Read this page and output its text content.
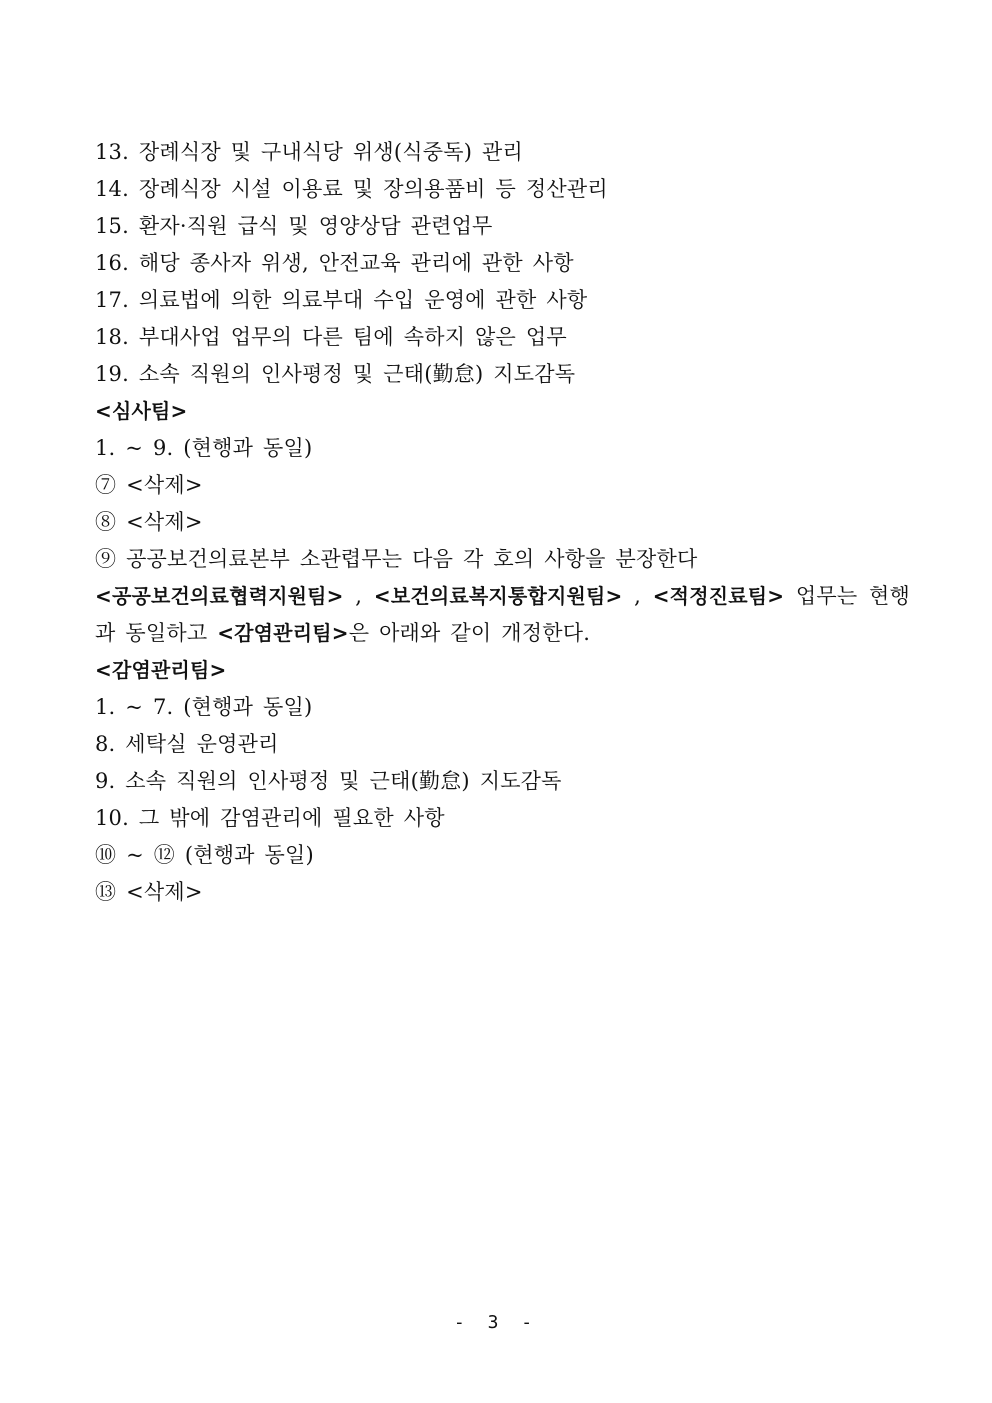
13. 장례식장 및 구내식당 위생(식중독) 관리
14. 장례식장 시설 이용료 및 장의용품비 등 정산관리
15. 환자·직원 급식 및 영양상담 관련업무
16. 해당 종사자 위생, 안전교육 관리에 관한 사항
17. 의료법에 의한 의료부대 수입 운영에 관한 사항
18. 부대사업 업무의 다른 팀에 속하지 않은 업무
19. 소속 직원의 인사평정 및 근태(勤怠) 지도감독
<심사팀>
1. ~ 9. (현행과 동일)
⑦ <삭제>
⑧ <삭제>
⑨ 공공보건의료본부 소관렵무는 다음 각 호의 사항을 분장한다
<공공보건의료협력지원팀> , <보건의료복지통합지원팀> , <적정진료팀> 업무는 현행과 동일하고 <감염관리팀>은 아래와 같이 개정한다.
<감염관리팀>
1. ~ 7. (현행과 동일)
8. 세탁실 운영관리
9. 소속 직원의 인사평정 및 근태(勤怠) 지도감독
10. 그 밖에 감염관리에 필요한 사항
⑩ ~ ⑫ (현행과 동일)
⑬ <삭제>
- 3 -
